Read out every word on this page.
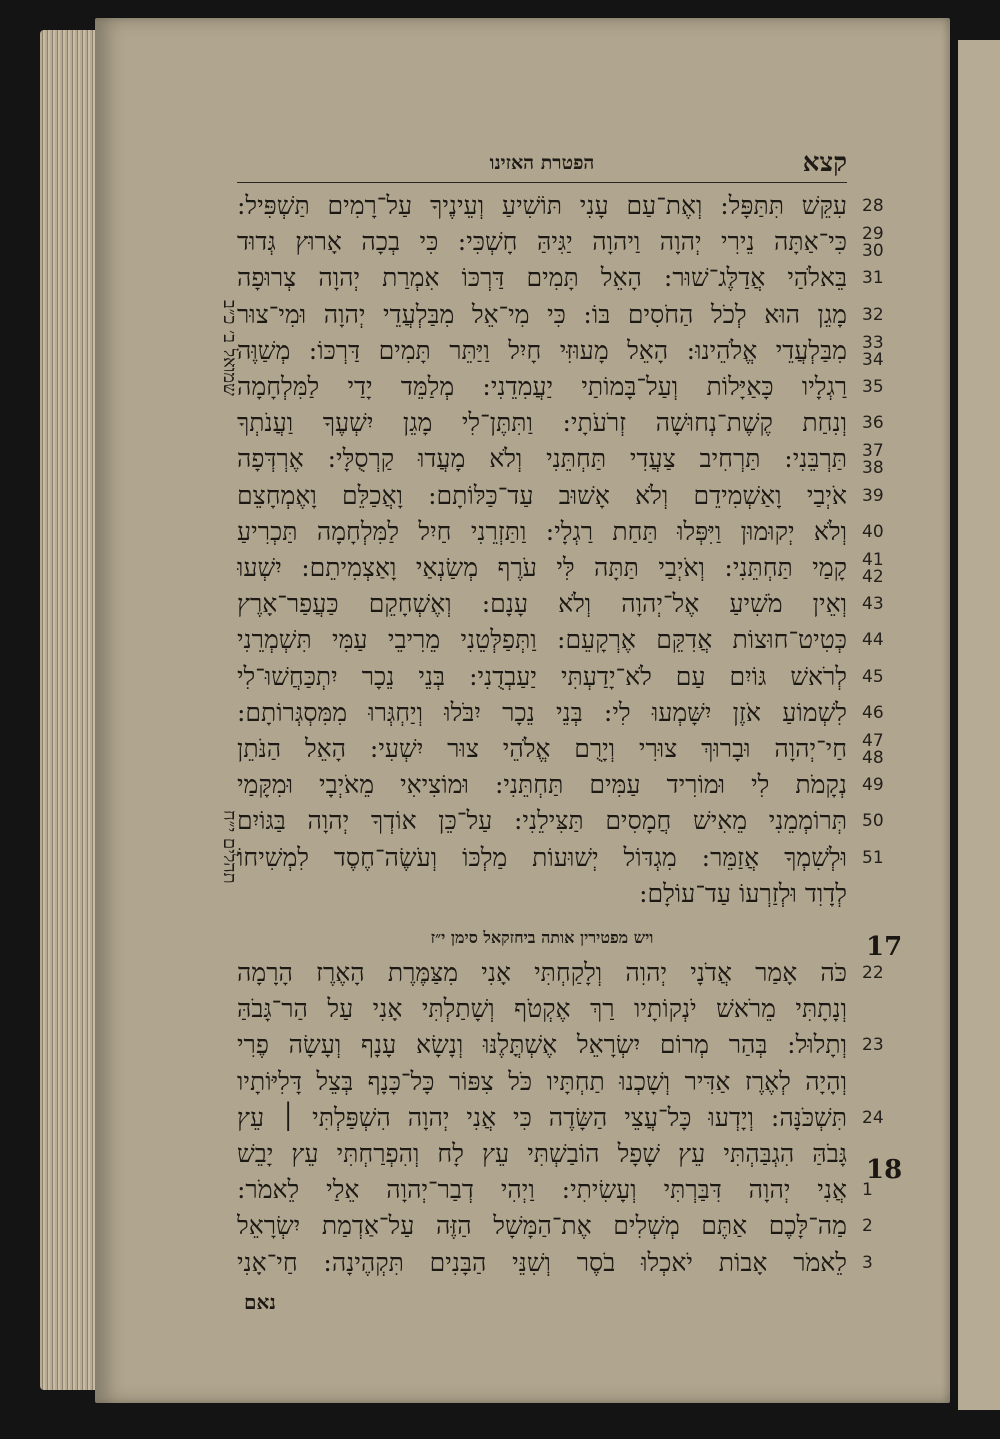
קצא
הפטרת האזינו
עִקֵּשׁ תִּתַּפָּל: וְאֶת־עַם עָנִי תּוֹשִׁיעַ וְעֵינֶיךָ עַל־רָמִים תַּשְׁפִּיל: 28
כִּי־אַתָּה נֵירִי יְהוָה וַיהוָה יַגִּיהַּ חָשְׁכִּי: כִּי בְכָה אָרוּץ גְּדוּד 29
30
בֵּאלֹהַי אֲדַלֶּג־שׁוּר: הָאֵל תָּמִים דַּרְכּוֹ אִמְרַת יְהוָה צְרוּפָה 31
מָגֵן הוּא לְכֹל הַחֹסִים בּוֹ: כִּי מִי־אֵל מִבַּלְעֲדֵי יְהוָה וּמִי־צוּר 32
מִבַּלְעֲדֵי אֱלֹהֵינוּ: הָאֵל מָעוּזִּי חָיִל וַיַּתֵּר תָּמִים דַּרְכּוֹ: מְשַׁוֶּה 33
34
רַגְלָיו כָּאַיָּלוֹת וְעַל־בָּמוֹתַי יַעֲמִדֵנִי: מְלַמֵּד יָדַי לַמִּלְחָמָה 35
וְנִחַת קֶשֶׁת־נְחוּשָׁה זְרֹעֹתָי: וַתִּתֶּן־לִי מָגֵן יִשְׁעֶךָ וַעֲנֹתְךָ 36
תַּרְבֵּנִי: תַּרְחִיב צַעֲדִי תַּחְתֵּנִי וְלֹא מָעֲדוּ קַרְסֻלָּי: אֶרְדְּפָה 37
38
אֹיְבַי וָאַשְׁמִידֵם וְלֹא אָשׁוּב עַד־כַּלּוֹתָם: וָאֲכַלֵּם וָאֶמְחָצֵם 39
וְלֹא יְקוּמוּן וַיִּפְּלוּ תַּחַת רַגְלָי: וַתַּזְרֵנִי חַיִל לַמִּלְחָמָה תַּכְרִיעַ 40
קָמַי תַּחְתֵּנִי: וְאֹיְבַי תַּתָּה לִּי עֹרֶף מְשַׂנְאַי וָאַצְמִיתֵם: יִשְׁעוּ 41
42
וְאֵין מֹשִׁיעַ אֶל־יְהוָה וְלֹא עָנָם: וְאֶשְׁחָקֵם כַּעֲפַר־אָרֶץ 43
כְּטִיט־חוּצוֹת אֲדִקֵּם אֶרְקָעֵם: וַתְּפַלְּטֵנִי מֵרִיבֵי עַמִּי תִּשְׁמְרֵנִי 44
לְרֹאשׁ גּוֹיִם עַם לֹא־יָדַעְתִּי יַעַבְדֻנִי: בְּנֵי נֵכָר יִתְכַּחֲשׁוּ־לִי 45
לִשְׁמוֹעַ אֹזֶן יִשָּׁמְעוּ לִי: בְּנֵי נֵכָר יִבֹּלוּ וְיַחְגְּרוּ מִמִּסְגְּרוֹתָם: 46
חַי־יְהוָה וּבָרוּךְ צוּרִי וְיָרֻם אֱלֹהֵי צוּר יִשְׁעִי: הָאֵל הַנֹּתֵן 47
48
נְקָמֹת לִי וּמוֹרִיד עַמִּים תַּחְתֵּנִי: וּמוֹצִיאִי מֵאֹיְבָי וּמִקָּמַי 49
תְּרוֹמְמֵנִי מֵאִישׁ חֲמָסִים תַּצִּילֵנִי: עַל־כֵּן אוֹדְךָ יְהוָה בַּגּוֹיִם 50
וּלְשִׁמְךָ אֲזַמֵּר: מִגְדּוֹל יְשׁוּעוֹת מַלְכּוֹ וְעֹשֶׂה־חֶסֶד לִמְשִׁיחוֹ 51
לְדָוִד וּלְזַרְעוֹ עַד־עוֹלָם:
ויש מפטירין אותה ביחזקאל סימן י״ז	17
כֹּה אָמַר אֲדֹנָי יְהוִה וְלָקַחְתִּי אָנִי מִצַּמֶּרֶת הָאֶרֶז הָרָמָה 22
וְנָתָתִּי מֵרֹאשׁ יֹנְקוֹתָיו רַךְ אֶקְטֹף וְשָׁתַלְתִּי אָנִי עַל הַר־גָּבֹהַּ
וְתָלוּל: בְּהַר מְרוֹם יִשְׂרָאֵל אֶשְׁתֳּלֶנּוּ וְנָשָׂא עָנָף וְעָשָׂה פֶרִי 23
וְהָיָה לְאֶרֶז אַדִּיר וְשָׁכְנוּ תַחְתָּיו כֹּל צִפּוֹר כָּל־כָּנָף בְּצֵל דָּלִיּוֹתָיו
תִּשְׁכֹּנָּה: וְיָדְעוּ כָּל־עֲצֵי הַשָּׂדֶה כִּי אֲנִי יְהוָה הִשְׁפַּלְתִּי ׀ עֵץ 24
גָּבֹהַּ הִגְבַּהְתִּי עֵץ שָׁפָל הוֹבַשְׁתִּי עֵץ לָח וְהִפְרַחְתִּי עֵץ יָבֵשׁ
אֲנִי יְהוָה דִּבַּרְתִּי וְעָשִׂיתִי: וַיְהִי דְבַר־יְהוָה אֵלַי לֵאמֹר: 1
מַה־לָּכֶם אַתֶּם מְשְׁלִים אֶת־הַמָּשָׁל הַזֶּה עַל־אַדְמַת יִשְׂרָאֵל 2
לֵאמֹר אָבוֹת יֹאכְלוּ בֹסֶר וְשִׁנֵּי הַבָּנִים תִּקְהֶינָה: חַי־אָנִי 3
18
שמואל ב׳ כ״ב
תהלים י״ח
נאם
